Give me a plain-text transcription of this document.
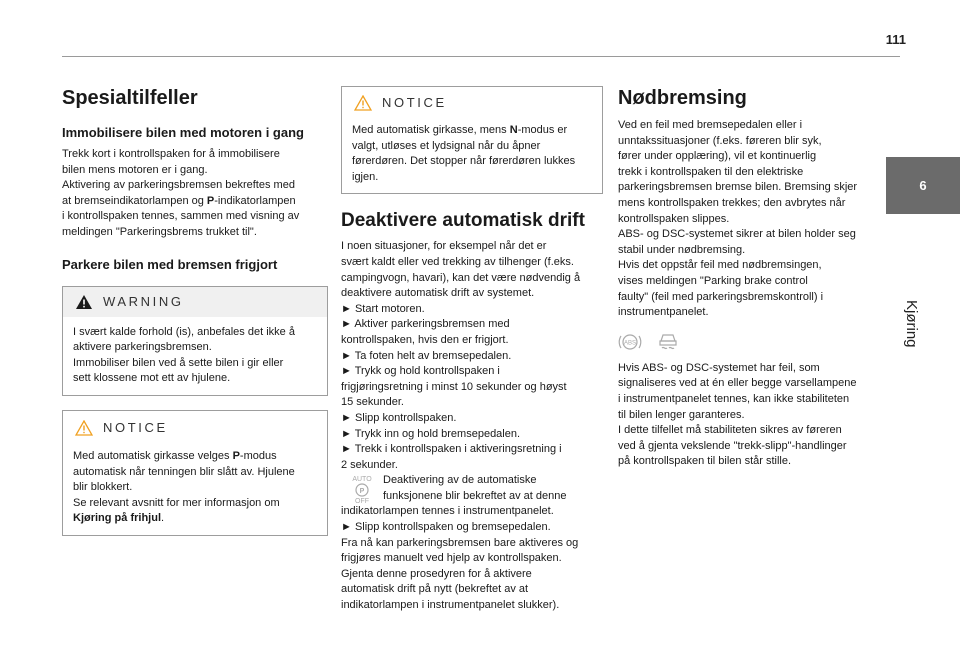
111
6
Kjøring
Spesialtilfeller
Immobilisere bilen med motoren i gang
Trekk kort i kontrollspaken for å immobilisere
bilen mens motoren er i gang.
Aktivering av parkeringsbremsen bekreftes med
at bremseindikatorlampen og P-indikatorlampen
i kontrollspaken tennes, sammen med visning av
meldingen "Parkeringsbrems trukket til".
Parkere bilen med bremsen frigjort
WARNING
I svært kalde forhold (is), anbefales det ikke å
aktivere parkeringsbremsen.
Immobiliser bilen ved å sette bilen i gir eller
sett klossene mot ett av hjulene.
NOTICE
Med automatisk girkasse velges P-modus
automatisk når tenningen blir slått av. Hjulene
blir blokkert.
Se relevant avsnitt for mer informasjon om
Kjøring på frihjul.
NOTICE
Med automatisk girkasse, mens N-modus er
valgt, utløses et lydsignal når du åpner
førerdøren. Det stopper når førerdøren lukkes
igjen.
Deaktivere automatisk drift
I noen situasjoner, for eksempel når det er
svært kaldt eller ved trekking av tilhenger (f.eks.
campingvogn, havari), kan det være nødvendig å
deaktivere automatisk drift av systemet.
► Start motoren.
► Aktiver parkeringsbremsen med
kontrollspaken, hvis den er frigjort.
► Ta foten helt av bremsepedalen.
► Trykk og hold kontrollspaken i
frigjøringsretning i minst 10 sekunder og høyst
15 sekunder.
► Slipp kontrollspaken.
► Trykk inn og hold bremsepedalen.
► Trekk i kontrollspaken i aktiveringsretning i
2 sekunder.
AUTO
P
OFF
Deaktivering av de automatiske
funksjonene blir bekreftet av at denne
indikatorlampen tennes i instrumentpanelet.
► Slipp kontrollspaken og bremsepedalen.
Fra nå kan parkeringsbremsen bare aktiveres og
frigjøres manuelt ved hjelp av kontrollspaken.
Gjenta denne prosedyren for å aktivere
automatisk drift på nytt (bekreftet av at
indikatorlampen i instrumentpanelet slukker).
Nødbremsing
Ved en feil med bremsepedalen eller i
unntakssituasjoner (f.eks. føreren blir syk,
fører under opplæring), vil et kontinuerlig
trekk i kontrollspaken til den elektriske
parkeringsbremsen bremse bilen. Bremsing skjer
mens kontrollspaken trekkes; den avbrytes når
kontrollspaken slippes.
ABS- og DSC-systemet sikrer at bilen holder seg
stabil under nødbremsing.
Hvis det oppstår feil med nødbremsingen,
vises meldingen "Parking brake control
faulty" (feil med parkeringsbremskontroll) i
instrumentpanelet.
ABS
Hvis ABS- og DSC-systemet har feil, som
signaliseres ved at én eller begge varsellampene
i instrumentpanelet tennes, kan ikke stabiliteten
til bilen lenger garanteres.
I dette tilfellet må stabiliteten sikres av føreren
ved å gjenta vekslende "trekk-slipp"-handlinger
på kontrollspaken til bilen står stille.
